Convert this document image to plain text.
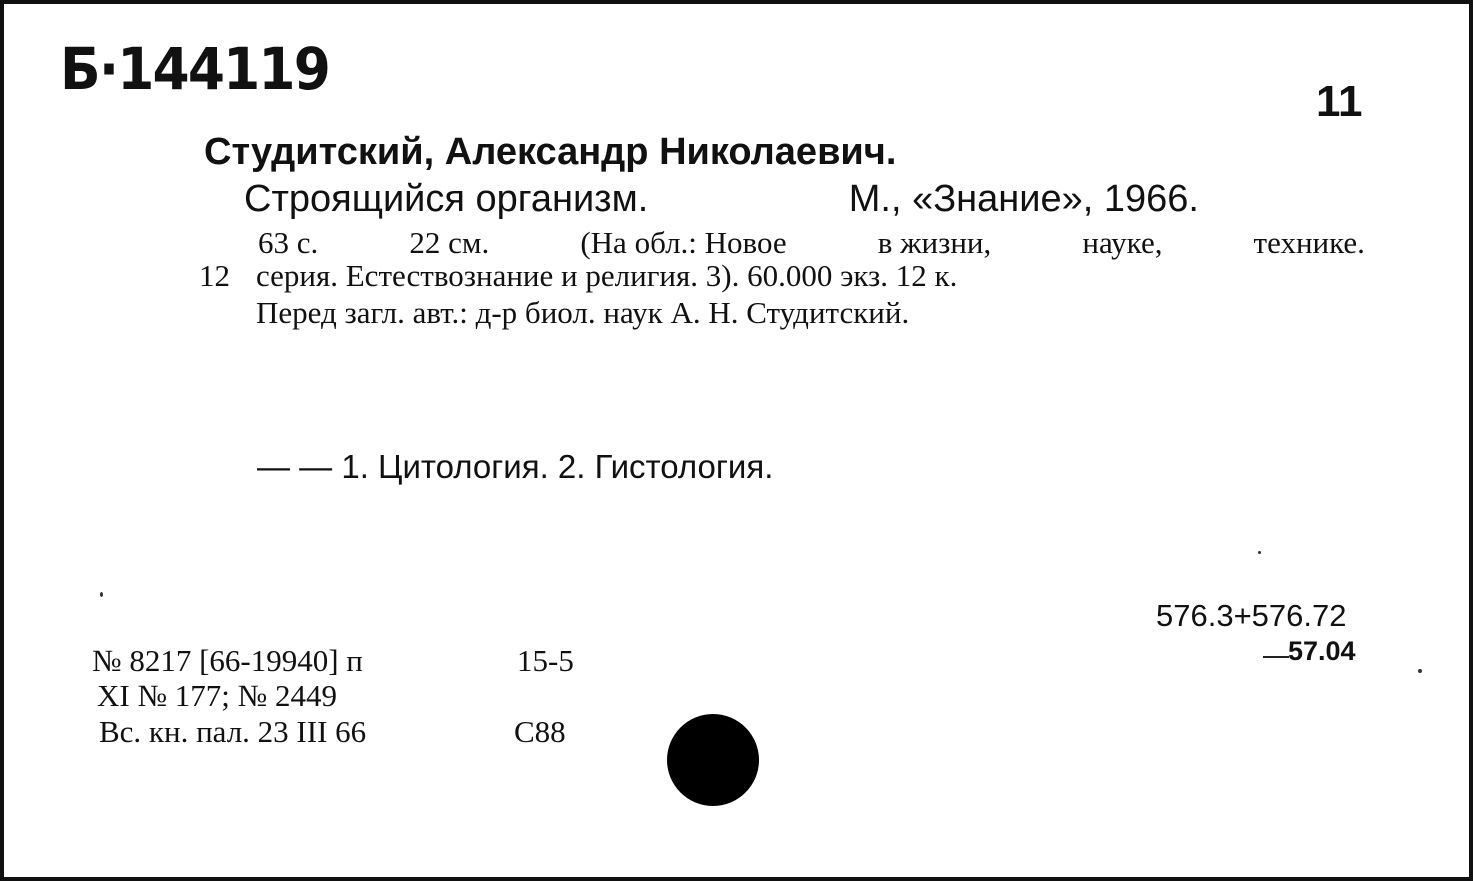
Б·144119	11
Студитский, Александр Николаевич.
Строящийся организм.	М., «Знание», 1966.
63 с.	22 см.	(На обл.: Новое	в жизни,	науке,	технике.
12 серия. Естествознание и религия. 3). 60.000 экз. 12 к.
Перед загл. авт.: д-р биол. наук А. Н. Студитский.
— — 1. Цитология. 2. Гистология.
576.3+576.72
57.04
№ 8217 [66-19940] п	15-5
XI № 177; № 2449
Вс. кн. пал. 23 III 66	С88
